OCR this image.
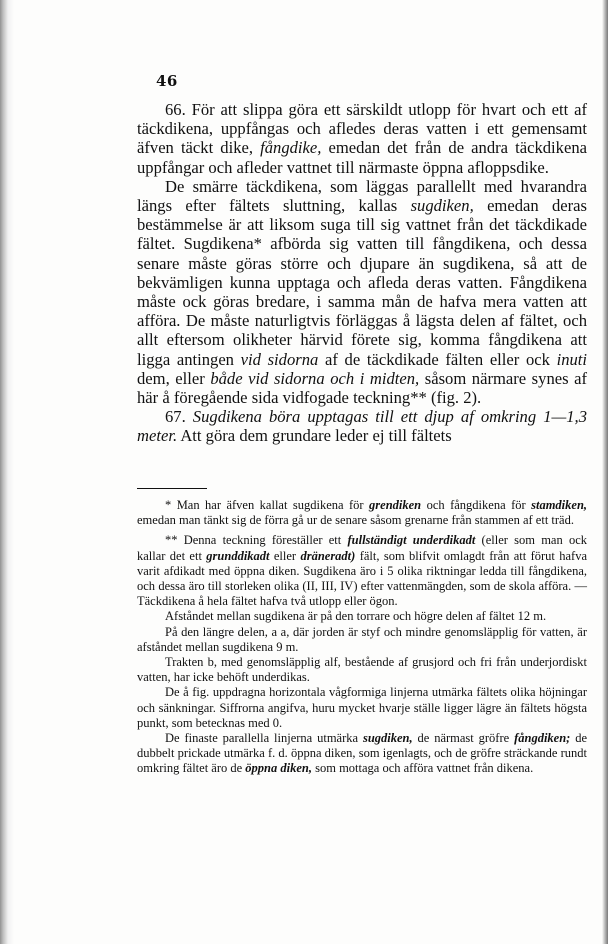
46

66. För att slippa göra ett särskildt utlopp för hvart och ett af täckdikena, uppfångas och afledes deras vatten i ett gemensamt äfven täckt dike, fångdike, emedan det från de andra täckdikena uppfångar och afleder vattnet till närmaste öppna afloppsdike.

De smärre täckdikena, som läggas parallellt med hvarandra längs efter fältets sluttning, kallas sugdiken, emedan deras bestämmelse är att liksom suga till sig vattnet från det täckdikade fältet. Sugdikena* afbörda sig vatten till fångdikena, och dessa senare måste göras större och djupare än sugdikena, så att de bekvämligen kunna upptaga och afleda deras vatten. Fångdikena måste ock göras bredare, i samma mån de hafva mera vatten att afföra. De måste naturligtvis förläggas å lägsta delen af fältet, och allt eftersom olikheter härvid förete sig, komma fångdikena att ligga antingen vid sidorna af de täckdikade fälten eller ock inuti dem, eller både vid sidorna och i midten, såsom närmare synes af här å föregående sida vidfogade teckning** (fig. 2).

67. Sugdikena böra upptagas till ett djup af omkring 1—1,3 meter. Att göra dem grundare leder ej till fältets

* Man har äfven kallat sugdikena för grendiken och fångdikena för stamdiken, emedan man tänkt sig de förra gå ur de senare såsom grenarne från stammen af ett träd.

** Denna teckning föreställer ett fullständigt underdikadt (eller som man ock kallar det ett grunddikadt eller dräneradt) fält, som blifvit omlagdt från att förut hafva varit afdikadt med öppna diken. Sugdikena äro i 5 olika riktningar ledda till fångdikena, och dessa äro till storleken olika (II, III, IV) efter vattenmängden, som de skola afföra. — Täckdikena å hela fältet hafva två utlopp eller ögon.

Afståndet mellan sugdikena är på den torrare och högre delen af fältet 12 m.

På den längre delen, a a, där jorden är styf och mindre genomsläpplig för vatten, är afståndet mellan sugdikena 9 m.

Trakten b, med genomsläpplig alf, bestående af grusjord och fri från underjordiskt vatten, har icke behöft underdikas.

De å fig. uppdragna horizontala vågformiga linjerna utmärka fältets olika höjningar och sänkningar. Siffrorna angifva, huru mycket hvarje ställe ligger lägre än fältets högsta punkt, som betecknas med 0.

De finaste parallella linjerna utmärka sugdiken, de närmast gröfre fångdiken; de dubbelt prickade utmärka f. d. öppna diken, som igenlagts, och de gröfre sträckande rundt omkring fältet äro de öppna diken, som mottaga och afföra vattnet från dikena.
